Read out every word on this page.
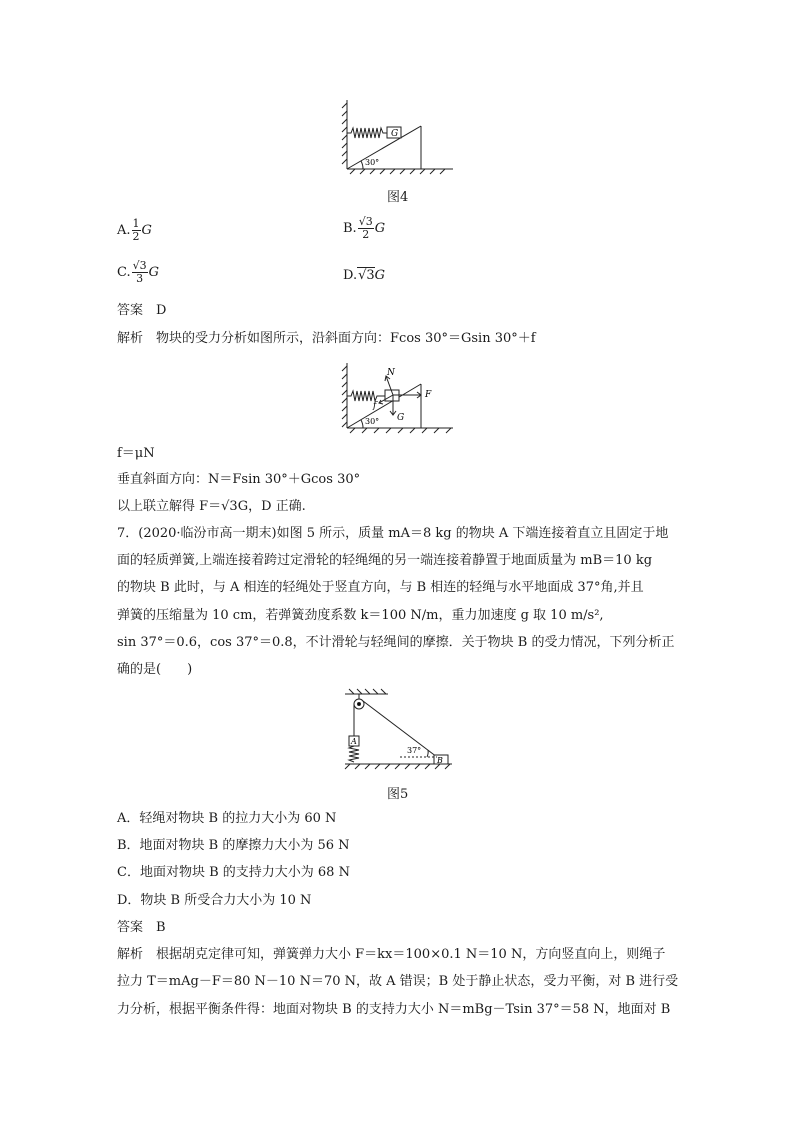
G
30°
图4
A. $\frac{1}{2}$ G	B. $\frac{√3}{2}$ G
C. $\frac{√3}{3}$ G	D.√3G
答案　 D
解析　 物块的受力分析如图所示，沿斜面方向：Fcos 30°＝Gsin 30°＋f
N
F
G
f
30°
f＝μN
垂直斜面方向：N＝Fsin 30°＋Gcos 30°
以上联立解得 F＝√3G，D 正确.
7．(2020·临汾市高一期末)如图 5 所示，质量 mA＝8 kg 的物块 A 下端连接着直立且固定于地
面的轻质弹簧,上端连接着跨过定滑轮的轻绳绳的另一端连接着静置于地面质量为 mB＝10 kg
的物块 B 此时，与 A 相连的轻绳处于竖直方向，与 B 相连的轻绳与水平地面成 37°角,并且
弹簧的压缩量为 10 cm，若弹簧劲度系数 k＝100 N/m，重力加速度 g 取 10 m/s²,
sin 37°＝0.6，cos 37°＝0.8，不计滑轮与轻绳间的摩擦．关于物块 B 的受力情况，下列分析正
确的是(　　)
A
B
37°
图5
A．轻绳对物块 B 的拉力大小为 60 N
B．地面对物块 B 的摩擦力大小为 56 N
C．地面对物块 B 的支持力大小为 68 N
D．物块 B 所受合力大小为 10 N
答案　 B
解析　 根据胡克定律可知，弹簧弹力大小 F＝kx＝100×0.1 N＝10 N，方向竖直向上，则绳子
拉力 T＝mAg－F＝80 N－10 N＝70 N，故 A 错误；B 处于静止状态，受力平衡，对 B 进行受
力分析，根据平衡条件得：地面对物块 B 的支持力大小 N＝mBg－Tsin 37°＝58 N，地面对 B
